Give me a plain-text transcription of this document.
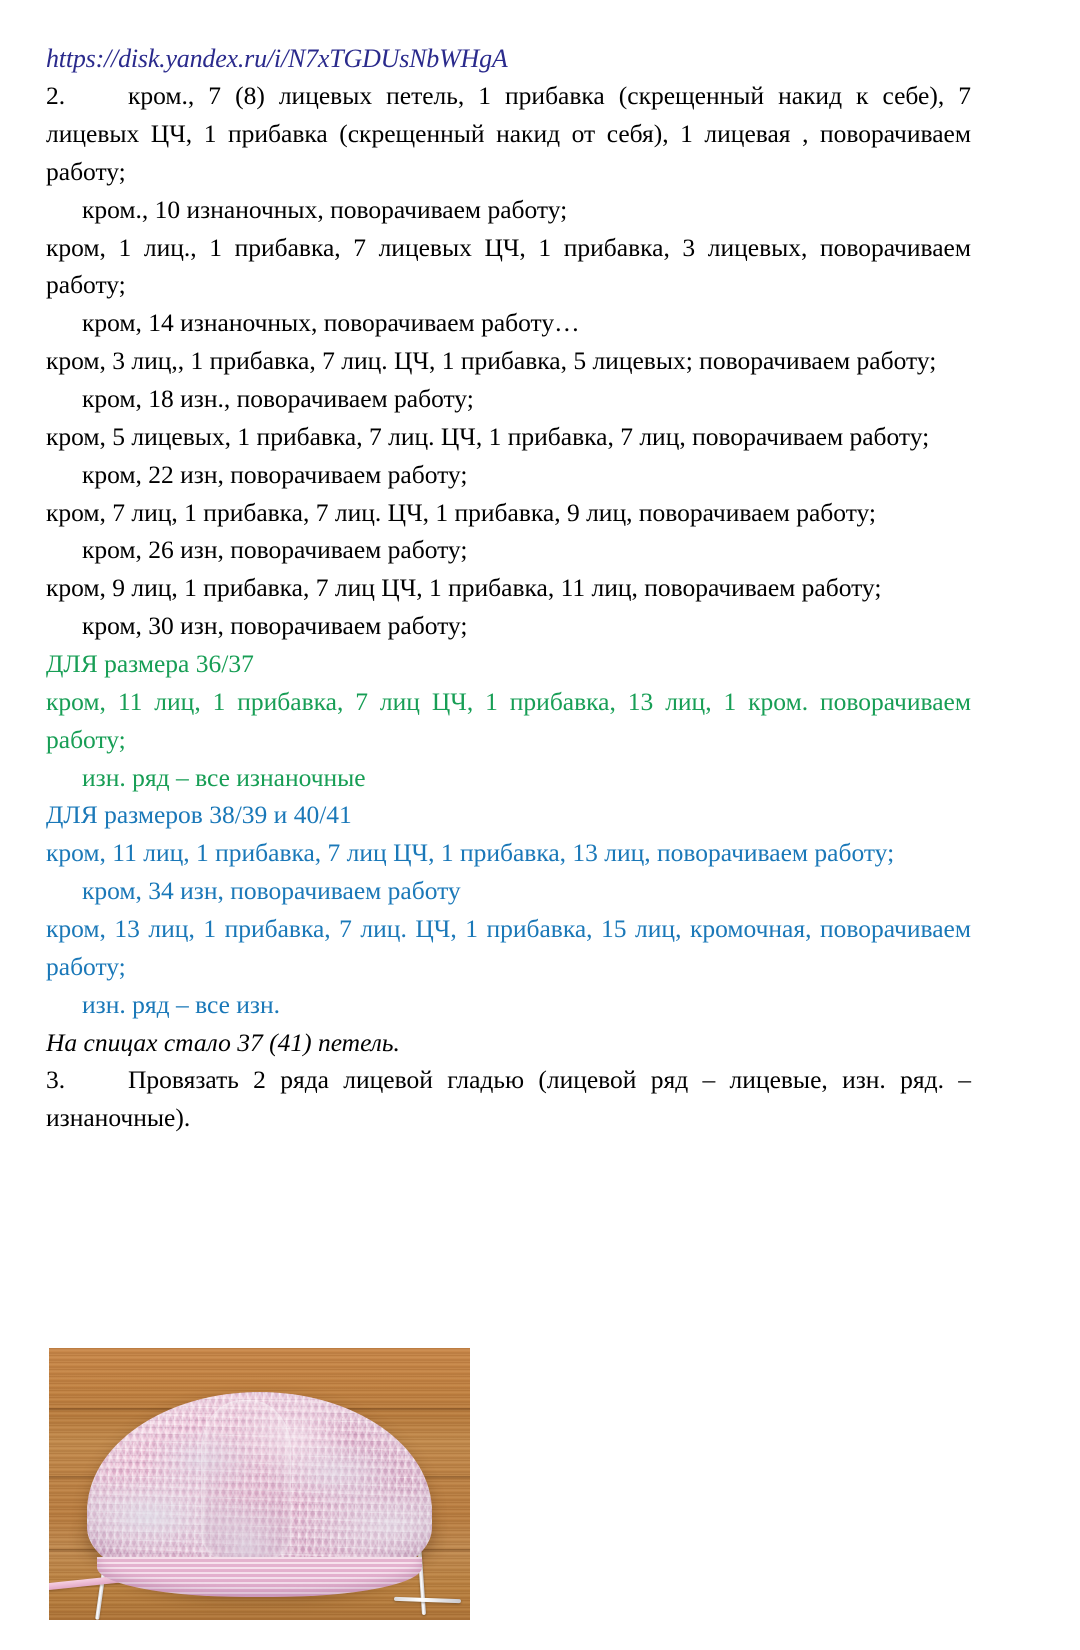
https://disk.yandex.ru/i/N7xTGDUsNbWHgA

2. кром., 7 (8) лицевых петель, 1 прибавка (скрещенный накид к себе), 7 лицевых ЦЧ, 1 прибавка (скрещенный накид от себя), 1 лицевая , поворачиваем работу;

кром., 10 изнаночных, поворачиваем работу;

кром, 1 лиц., 1 прибавка, 7 лицевых ЦЧ, 1 прибавка, 3 лицевых, поворачиваем работу;

кром, 14 изнаночных, поворачиваем работу…

кром, 3 лиц,, 1 прибавка, 7 лиц. ЦЧ, 1 прибавка, 5 лицевых; поворачиваем работу;

кром, 18 изн., поворачиваем работу;

кром, 5 лицевых, 1 прибавка, 7 лиц. ЦЧ, 1 прибавка, 7 лиц, поворачиваем работу;

кром, 22 изн, поворачиваем работу;

кром, 7 лиц, 1 прибавка, 7 лиц. ЦЧ, 1 прибавка, 9 лиц, поворачиваем работу;

кром, 26 изн, поворачиваем работу;

кром, 9 лиц, 1 прибавка, 7 лиц ЦЧ, 1 прибавка, 11 лиц, поворачиваем работу;

кром, 30 изн, поворачиваем работу;

ДЛЯ размера 36/37

кром, 11 лиц, 1 прибавка, 7 лиц ЦЧ, 1 прибавка, 13 лиц, 1 кром. поворачиваем работу;

изн. ряд – все изнаночные

ДЛЯ размеров 38/39 и 40/41

кром, 11 лиц, 1 прибавка, 7 лиц ЦЧ, 1 прибавка, 13 лиц, поворачиваем работу;

кром, 34 изн, поворачиваем работу

кром, 13 лиц, 1 прибавка, 7 лиц. ЦЧ, 1 прибавка, 15 лиц, кромочная, поворачиваем работу;

изн. ряд – все изн.

На спицах стало 37 (41) петель.

3. Провязать 2 ряда лицевой гладью (лицевой ряд – лицевые, изн. ряд. – изнаночные).
